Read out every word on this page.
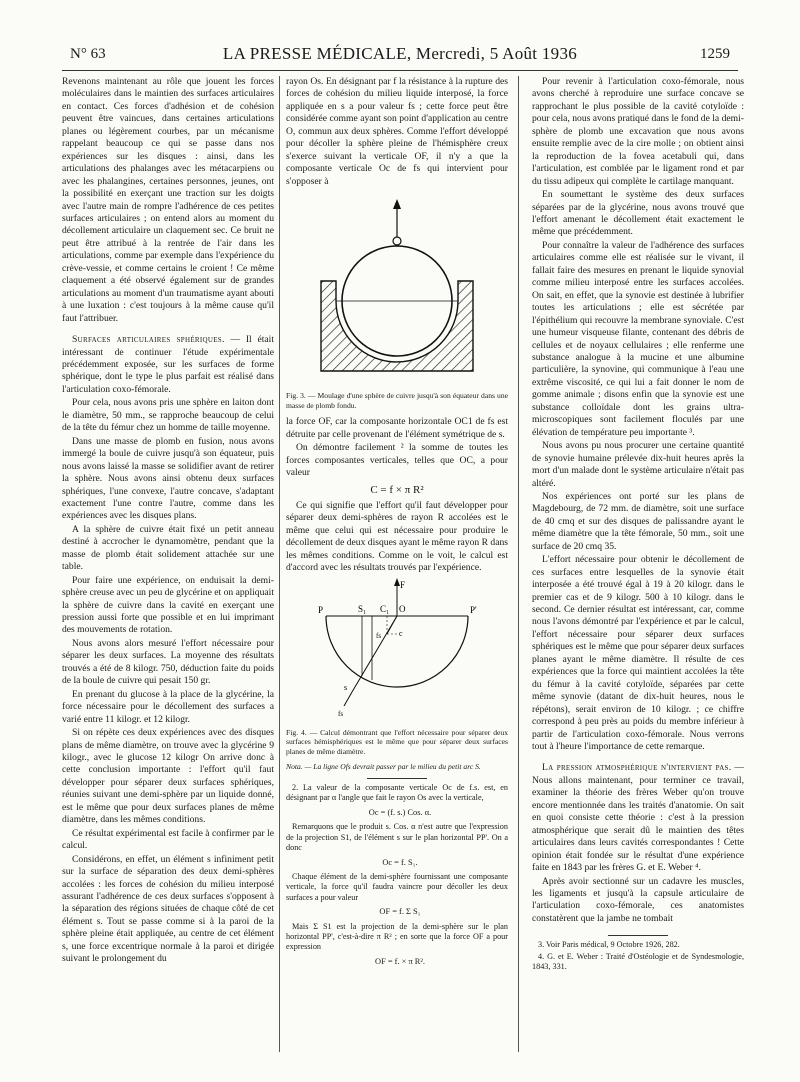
N° 63	LA PRESSE MÉDICALE, Mercredi, 5 Août 1936	1259

Revenons maintenant au rôle que jouent les forces moléculaires dans le maintien des surfaces articulaires en contact. Ces forces d'adhésion et de cohésion peuvent être vaincues, dans certaines articulations planes ou légèrement courbes, par un mécanisme rappelant beaucoup ce qui se passe dans nos expériences sur les disques : ainsi, dans les articulations des phalanges avec les métacarpiens ou avec les phalangines, certaines personnes, jeunes, ont la possibilité en exerçant une traction sur les doigts avec l'autre main de rompre l'adhérence de ces petites surfaces articulaires ; on entend alors au moment du décollement articulaire un claquement sec. Ce bruit ne peut être attribué à la rentrée de l'air dans les articulations, comme par exemple dans l'expérience du crève-vessie, et comme certains le croient ! Ce même claquement a été observé également sur de grandes articulations au moment d'un traumatisme ayant abouti à une luxation : c'est toujours à la même cause qu'il faut l'attribuer.

Surfaces articulaires sphériques. — Il était intéressant de continuer l'étude expérimentale précédemment exposée, sur les surfaces de forme sphérique, dont le type le plus parfait est réalisé dans l'articulation coxo-fémorale.

Pour cela, nous avons pris une sphère en laiton dont le diamètre, 50 mm., se rapproche beaucoup de celui de la tête du fémur chez un homme de taille moyenne.

Dans une masse de plomb en fusion, nous avons immergé la boule de cuivre jusqu'à son équateur, puis nous avons laissé la masse se solidifier avant de retirer la sphère. Nous avons ainsi obtenu deux surfaces sphériques, l'une convexe, l'autre concave, s'adaptant exactement l'une contre l'autre, comme dans les expériences avec les disques plans.

A la sphère de cuivre était fixé un petit anneau destiné à accrocher le dynamomètre, pendant que la masse de plomb était solidement attachée sur une table.

Pour faire une expérience, on enduisait la demi-sphère creuse avec un peu de glycérine et on appliquait la sphère de cuivre dans la cavité en exerçant une pression aussi forte que possible et en lui imprimant des mouvements de rotation.

Nous avons alors mesuré l'effort nécessaire pour séparer les deux surfaces. La moyenne des résultats trouvés a été de 8 kilogr. 750, déduction faite du poids de la boule de cuivre qui pesait 150 gr.

En prenant du glucose à la place de la glycérine, la force nécessaire pour le décollement des surfaces a varié entre 11 kilogr. et 12 kilogr.

Si on répète ces deux expériences avec des disques plans de même diamètre, on trouve avec la glycérine 9 kilogr., avec le glucose 12 kilogr On arrive donc à cette conclusion importante : l'effort qu'il faut développer pour séparer deux surfaces sphériques, réunies suivant une demi-sphère par un liquide donné, est le même que pour deux surfaces planes de même diamètre, dans les mêmes conditions.

Ce résultat expérimental est facile à confirmer par le calcul.

Considérons, en effet, un élément s infiniment petit sur la surface de séparation des deux demi-sphères accolées : les forces de cohésion du milieu interposé assurant l'adhérence de ces deux surfaces s'opposent à la séparation des régions situées de chaque côté de cet élément s. Tout se passe comme si à la paroi de la sphère pleine était appliquée, au centre de cet élément s, une force excentrique normale à la paroi et dirigée suivant le prolongement du

rayon Os. En désignant par f la résistance à la rupture des forces de cohésion du milieu liquide interposé, la force appliquée en s a pour valeur fs ; cette force peut être considérée comme ayant son point d'application au centre O, commun aux deux sphères. Comme l'effort développé pour décoller la sphère pleine de l'hémisphère creux s'exerce suivant la verticale OF, il n'y a que la composante verticale Oc de fs qui intervient pour s'opposer à

Fig. 3. — Moulage d'une sphère de cuivre jusqu'à son équateur dans une masse de plomb fondu.

la force OF, car la composante horizontale OC1 de fs est détruite par celle provenant de l'élément symétrique de s.

On démontre facilement ² la somme de toutes les forces composantes verticales, telles que OC, a pour valeur

C = f × π R²

Ce qui signifie que l'effort qu'il faut développer pour séparer deux demi-sphères de rayon R accolées est le même que celui qui est nécessaire pour produire le décollement de deux disques ayant le même rayon R dans les mêmes conditions. Comme on le voit, le calcul est d'accord avec les résultats trouvés par l'expérience.

F
P	S₁ C₁ O	P'
fs c
s
fs

Fig. 4. — Calcul démontrant que l'effort nécessaire pour séparer deux surfaces hémisphériques est le même que pour séparer deux surfaces planes de même diamètre.

Nota. — La ligne Ofs devrait passer par le milieu du petit arc S.

2. La valeur de la composante verticale Oc de f.s. est, en désignant par α l'angle que fait le rayon Os avec la verticale,

Oc = (f. s.) Cos. α.

Remarquons que le produit s. Cos. α n'est autre que l'expression de la projection S1, de l'élément s sur le plan horizontal PP'. On a donc

Oc = f. S₁.

Chaque élément de la demi-sphère fournissant une composante verticale, la force qu'il faudra vaincre pour décoller les deux surfaces a pour valeur

OF = f. Σ S₁

Mais Σ S1 est la projection de la demi-sphère sur le plan horizontal PP', c'est-à-dire π R² ; en sorte que la force OF a pour expression

OF = f. × π R².

Pour revenir à l'articulation coxo-fémorale, nous avons cherché à reproduire une surface concave se rapprochant le plus possible de la cavité cotyloïde : pour cela, nous avons pratiqué dans le fond de la demi-sphère de plomb une excavation que nous avons ensuite remplie avec de la cire molle ; on obtient ainsi la reproduction de la fovea acetabuli qui, dans l'articulation, est comblée par le ligament rond et par du tissu adipeux qui complète le cartilage manquant.

En soumettant le système des deux surfaces séparées par de la glycérine, nous avons trouvé que l'effort amenant le décollement était exactement le même que précédemment.

Pour connaître la valeur de l'adhérence des surfaces articulaires comme elle est réalisée sur le vivant, il fallait faire des mesures en prenant le liquide synovial comme milieu interposé entre les surfaces accolées. On sait, en effet, que la synovie est destinée à lubrifier toutes les articulations ; elle est sécrétée par l'épithélium qui recouvre la membrane synoviale. C'est une humeur visqueuse filante, contenant des débris de cellules et de noyaux cellulaires ; elle renferme une substance analogue à la mucine et une albumine particulière, la synovine, qui communique à l'eau une extrême viscosité, ce qui lui a fait donner le nom de gomme animale ; disons enfin que la synovie est une substance colloïdale dont les grains ultra-microscopiques sont facilement floculés par une élévation de température peu importante ³.

Nous avons pu nous procurer une certaine quantité de synovie humaine prélevée dix-huit heures après la mort d'un malade dont le système articulaire n'était pas altéré.

Nos expériences ont porté sur les plans de Magdebourg, de 72 mm. de diamètre, soit une surface de 40 cmq et sur des disques de palissandre ayant le même diamètre que la tête fémorale, 50 mm., soit une surface de 20 cmq 35.

L'effort nécessaire pour obtenir le décollement de ces surfaces entre lesquelles de la synovie était interposée a été trouvé égal à 19 à 20 kilogr. dans le premier cas et de 9 kilogr. 500 à 10 kilogr. dans le second. Ce dernier résultat est intéressant, car, comme nous l'avons démontré par l'expérience et par le calcul, l'effort nécessaire pour séparer deux surfaces sphériques est le même que pour séparer deux surfaces planes ayant le même diamètre. Il résulte de ces expériences que la force qui maintient accolées la tête du fémur à la cavité cotyloïde, séparées par cette même synovie (datant de dix-huit heures, nous le répétons), serait environ de 10 kilogr. ; ce chiffre correspond à peu près au poids du membre inférieur à partir de l'articulation coxo-fémorale. Nous verrons tout à l'heure l'importance de cette remarque.

La pression atmosphérique n'intervient pas. — Nous allons maintenant, pour terminer ce travail, examiner la théorie des frères Weber qu'on trouve encore mentionnée dans les traités d'anatomie. On sait en quoi consiste cette théorie : c'est à la pression atmosphérique que serait dû le maintien des têtes articulaires dans leurs cavités correspondantes ! Cette opinion était fondée sur le résultat d'une expérience faite en 1843 par les frères G. et E. Weber ⁴.

Après avoir sectionné sur un cadavre les muscles, les ligaments et jusqu'à la capsule articulaire de l'articulation coxo-fémorale, ces anatomistes constatèrent que la jambe ne tombait

3. Voir Paris médical, 9 Octobre 1926, 282.

4. G. et E. Weber : Traité d'Ostéologie et de Syndesmologie, 1843, 331.
